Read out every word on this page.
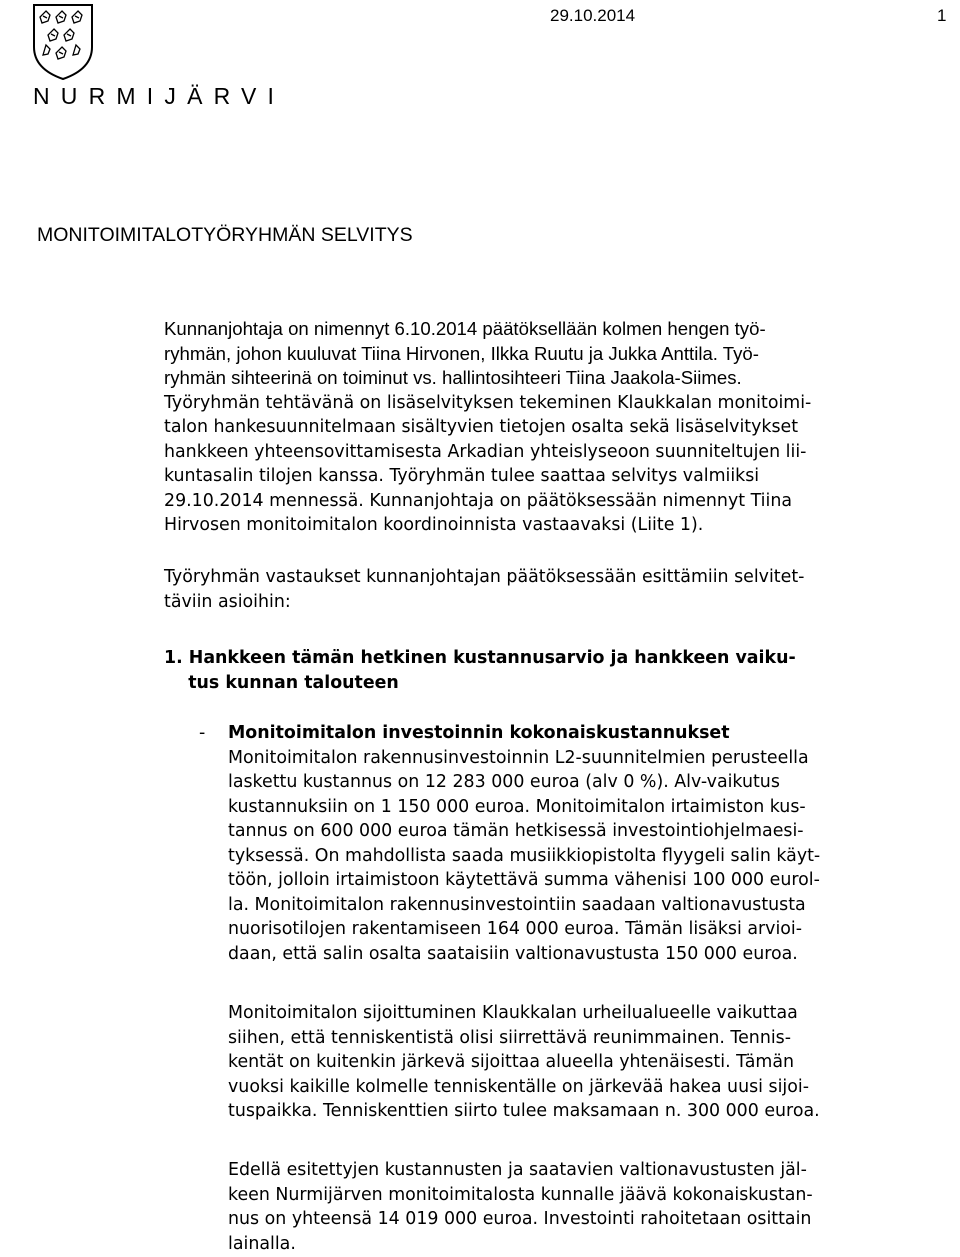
NURMIJÄRVI
29.10.2014	1
MONITOIMITALOTYÖRYHMÄN SELVITYS
Kunnanjohtaja on nimennyt 6.10.2014 päätöksellään kolmen hengen työ-
ryhmän, johon kuuluvat Tiina Hirvonen, Ilkka Ruutu ja Jukka Anttila. Työ-
ryhmän sihteerinä on toiminut vs. hallintosihteeri Tiina Jaakola-Siimes.
Työryhmän tehtävänä on lisäselvityksen tekeminen Klaukkalan monitoimi-
talon hankesuunnitelmaan sisältyvien tietojen osalta sekä lisäselvitykset
hankkeen yhteensovittamisesta Arkadian yhteislyseoon suunniteltujen lii-
kuntasalin tilojen kanssa. Työryhmän tulee saattaa selvitys valmiiksi
29.10.2014 mennessä. Kunnanjohtaja on päätöksessään nimennyt Tiina
Hirvosen monitoimitalon koordinoinnista vastaavaksi (Liite 1).
Työryhmän vastaukset kunnanjohtajan päätöksessään esittämiin selvitet-
täviin asioihin:
1. Hankkeen tämän hetkinen kustannusarvio ja hankkeen vaiku-
tus kunnan talouteen
- Monitoimitalon investoinnin kokonaiskustannukset
Monitoimitalon rakennusinvestoinnin L2-suunnitelmien perusteella
laskettu kustannus on 12 283 000 euroa (alv 0 %). Alv-vaikutus
kustannuksiin on 1 150 000 euroa. Monitoimitalon irtaimiston kus-
tannus on 600 000 euroa tämän hetkisessä investointiohjelmaesi-
tyksessä. On mahdollista saada musiikkiopistolta flyygeli salin käyt-
töön, jolloin irtaimistoon käytettävä summa vähenisi 100 000 eurol-
la. Monitoimitalon rakennusinvestointiin saadaan valtionavustusta
nuorisotilojen rakentamiseen 164 000 euroa. Tämän lisäksi arvioi-
daan, että salin osalta saataisiin valtionavustusta 150 000 euroa.
Monitoimitalon sijoittuminen Klaukkalan urheilualueelle vaikuttaa
siihen, että tenniskentistä olisi siirrettävä reunimmainen. Tennis-
kentät on kuitenkin järkevä sijoittaa alueella yhtenäisesti. Tämän
vuoksi kaikille kolmelle tenniskentälle on järkevää hakea uusi sijoi-
tuspaikka. Tenniskenttien siirto tulee maksamaan n. 300 000 euroa.
Edellä esitettyjen kustannusten ja saatavien valtionavustusten jäl-
keen Nurmijärven monitoimitalosta kunnalle jäävä kokonaiskustan-
nus on yhteensä 14 019 000 euroa. Investointi rahoitetaan osittain
lainalla.
